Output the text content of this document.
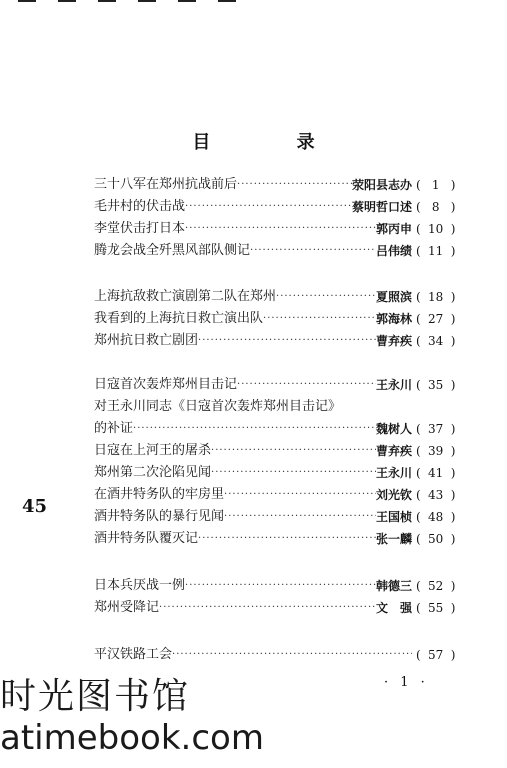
目 录
三十八军在郑州抗战前后 ·····	荥阳县志办 ( 1 )
毛井村的伏击战 ·····	蔡明哲口述 ( 8 )
李堂伏击打日本 ·····	郭丙申 ( 10 )
腾龙会战全歼黑风部队侧记 ·····	吕伟绩 ( 11 )
上海抗敌救亡演剧第二队在郑州 ·····	夏照滨 ( 18 )
我看到的上海抗日救亡演出队 ·····	郭海林 ( 27 )
郑州抗日救亡剧团 ·····	曹弃疾 ( 34 )
日寇首次轰炸郑州目击记 ·····	王永川 ( 35 )
对王永川同志《日寇首次轰炸郑州目击记》
的补证 ·····	魏树人 ( 37 )
日寇在上河王的屠杀 ·····	曹弃疾 ( 39 )
郑州第二次沦陷见闻 ·····	王永川 ( 41 )
在酒井特务队的牢房里 ·····	刘光钦 ( 43 )
酒井特务队的暴行见闻 ·····	王国桢 ( 48 )
酒井特务队覆灭记 ·····	张一麟 ( 50 )
日本兵厌战一例 ·····	韩德三 ( 52 )
郑州受降记 ·····	文　强 ( 55 )
平汉铁路工会 ·····	( 57 )
45
· 1 ·
时光图书馆
atimebook.com
